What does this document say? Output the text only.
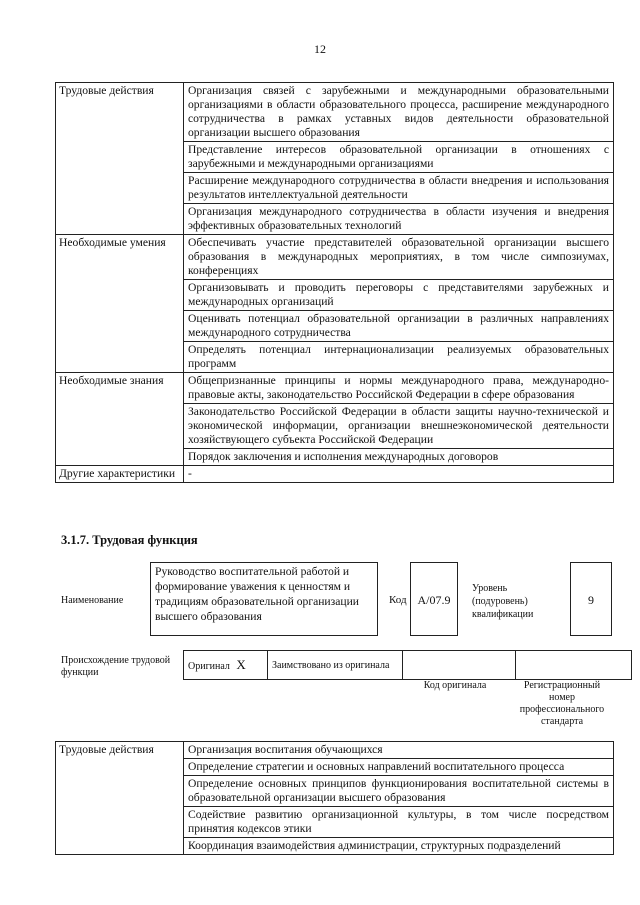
12
Трудовые действия	Организация связей с зарубежными и международными образовательными организациями в области образовательного процесса, расширение международного сотрудничества в рамках уставных видов деятельности образовательной организации высшего образования
	Представление интересов образовательной организации в отношениях с зарубежными и международными организациями
	Расширение международного сотрудничества в области внедрения и использования результатов интеллектуальной деятельности
	Организация международного сотрудничества в области изучения и внедрения эффективных образовательных технологий
Необходимые умения	Обеспечивать участие представителей образовательной организации высшего образования в международных мероприятиях, в том числе симпозиумах, конференциях
	Организовывать и проводить переговоры с представителями зарубежных и международных организаций
	Оценивать потенциал образовательной организации в различных направлениях международного сотрудничества
	Определять потенциал интернационализации реализуемых образовательных программ
Необходимые знания	Общепризнанные принципы и нормы международного права, международно-правовые акты, законодательство Российской Федерации в сфере образования
	Законодательство Российской Федерации в области защиты научно-технической и экономической информации, организации внешнеэкономической деятельности хозяйствующего субъекта Российской Федерации
	Порядок заключения и исполнения международных договоров
Другие характеристики	-
3.1.7. Трудовая функция
Наименование
Руководство воспитательной работой и формирование уважения к ценностям и традициям образовательной организации высшего образования
Код А/07.9
Уровень (подуровень) квалификации
9
Происхождение трудовой функции
Оригинал X	Заимствовано из оригинала		
Код оригинала	Регистрационный номер профессионального стандарта
Трудовые действия	Организация воспитания обучающихся
Определение стратегии и основных направлений воспитательного процесса
Определение основных принципов функционирования воспитательной системы в образовательной организации высшего образования
Содействие развитию организационной культуры, в том числе посредством принятия кодексов этики
Координация взаимодействия администрации, структурных подразделений
